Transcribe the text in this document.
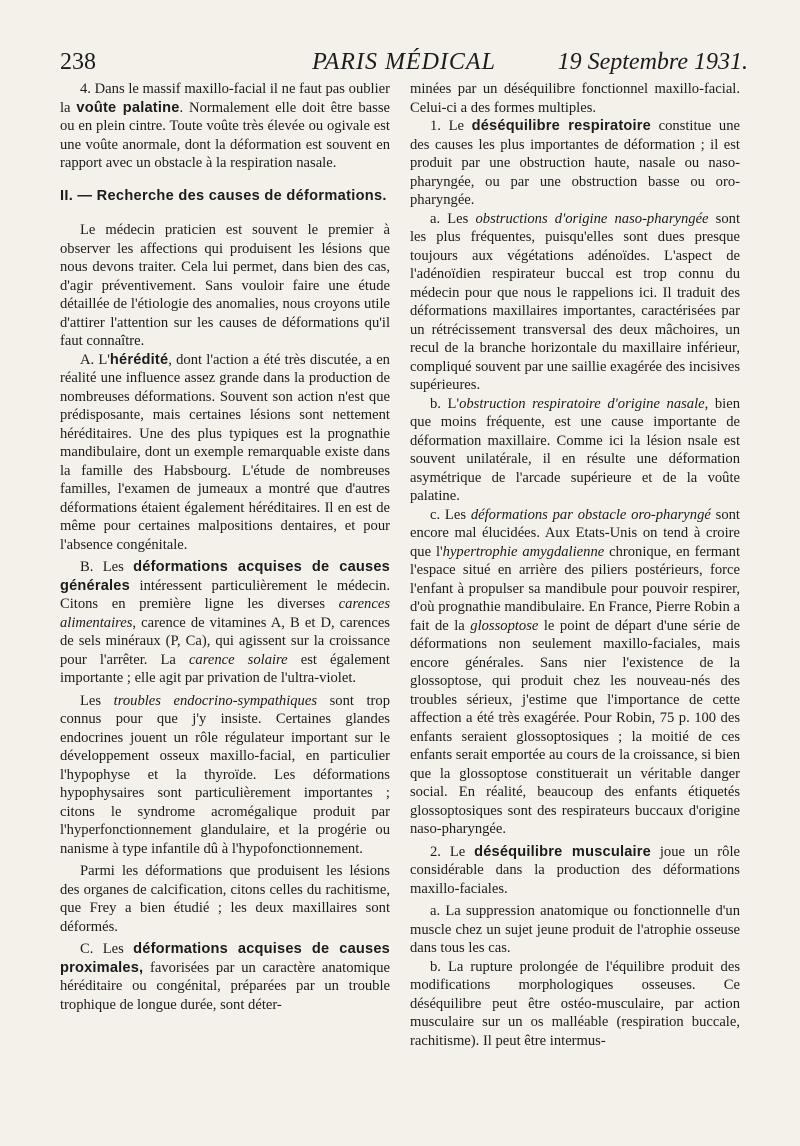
238	PARIS MÉDICAL	19 Septembre 1931.

4. Dans le massif maxillo-facial il ne faut pas oublier la voûte palatine. Normalement elle doit être basse ou en plein cintre. Toute voûte très élevée ou ogivale est une voûte anormale, dont la déformation est souvent en rapport avec un obstacle à la respiration nasale.

II. — Recherche des causes de déformations.

Le médecin praticien est souvent le premier à observer les affections qui produisent les lésions que nous devons traiter. Cela lui permet, dans bien des cas, d'agir préventivement. Sans vouloir faire une étude détaillée de l'étiologie des anomalies, nous croyons utile d'attirer l'attention sur les causes de déformations qu'il faut connaître.

A. L'hérédité, dont l'action a été très discutée, a en réalité une influence assez grande dans la production de nombreuses déformations. Souvent son action n'est que prédisposante, mais certaines lésions sont nettement héréditaires. Une des plus typiques est la prognathie mandibulaire, dont un exemple remarquable existe dans la famille des Habsbourg. L'étude de nombreuses familles, l'examen de jumeaux a montré que d'autres déformations étaient également héréditaires. Il en est de même pour certaines malpositions dentaires, et pour l'absence congénitale.

B. Les déformations acquises de causes générales intéressent particulièrement le médecin. Citons en première ligne les diverses carences alimentaires, carence de vitamines A, B et D, carences de sels minéraux (P, Ca), qui agissent sur la croissance pour l'arrêter. La carence solaire est également importante ; elle agit par privation de l'ultra-violet.

Les troubles endocrino-sympathiques sont trop connus pour que j'y insiste. Certaines glandes endocrines jouent un rôle régulateur important sur le développement osseux maxillo-facial, en particulier l'hypophyse et la thyroïde. Les déformations hypophysaires sont particulièrement importantes ; citons le syndrome acromégalique produit par l'hyperfonctionnement glandulaire, et la progérie ou nanisme à type infantile dû à l'hypofonctionnement.

Parmi les déformations que produisent les lésions des organes de calcification, citons celles du rachitisme, que Frey a bien étudié ; les deux maxillaires sont déformés.

C. Les déformations acquises de causes proximales, favorisées par un caractère anatomique héréditaire ou congénital, préparées par un trouble trophique de longue durée, sont déter-

minées par un déséquilibre fonctionnel maxillo-facial. Celui-ci a des formes multiples.

1. Le déséquilibre respiratoire constitue une des causes les plus importantes de déformation ; il est produit par une obstruction haute, nasale ou naso-pharyngée, ou par une obstruction basse ou oro-pharyngée.

a. Les obstructions d'origine naso-pharyngée sont les plus fréquentes, puisqu'elles sont dues presque toujours aux végétations adénoïdes. L'aspect de l'adénoïdien respirateur buccal est trop connu du médecin pour que nous le rappelions ici. Il traduit des déformations maxillaires importantes, caractérisées par un rétrécissement transversal des deux mâchoires, un recul de la branche horizontale du maxillaire inférieur, compliqué souvent par une saillie exagérée des incisives supérieures.

b. L'obstruction respiratoire d'origine nasale, bien que moins fréquente, est une cause importante de déformation maxillaire. Comme ici la lésion nsale est souvent unilatérale, il en résulte une déformation asymétrique de l'arcade supérieure et de la voûte palatine.

c. Les déformations par obstacle oro-pharyngé sont encore mal élucidées. Aux Etats-Unis on tend à croire que l'hypertrophie amygdalienne chronique, en fermant l'espace situé en arrière des piliers postérieurs, force l'enfant à propulser sa mandibule pour pouvoir respirer, d'où prognathie mandibulaire. En France, Pierre Robin a fait de la glossoptose le point de départ d'une série de déformations non seulement maxillo-faciales, mais encore générales. Sans nier l'existence de la glossoptose, qui produit chez les nouveau-nés des troubles sérieux, j'estime que l'importance de cette affection a été très exagérée. Pour Robin, 75 p. 100 des enfants seraient glossoptosiques ; la moitié de ces enfants serait emportée au cours de la croissance, si bien que la glossoptose constituerait un véritable danger social. En réalité, beaucoup des enfants étiquetés glossoptosiques sont des respirateurs buccaux d'origine naso-pharyngée.

2. Le déséquilibre musculaire joue un rôle considérable dans la production des déformations maxillo-faciales.

a. La suppression anatomique ou fonctionnelle d'un muscle chez un sujet jeune produit de l'atrophie osseuse dans tous les cas.

b. La rupture prolongée de l'équilibre produit des modifications morphologiques osseuses. Ce déséquilibre peut être ostéo-musculaire, par action musculaire sur un os malléable (respiration buccale, rachitisme). Il peut être intermus-
